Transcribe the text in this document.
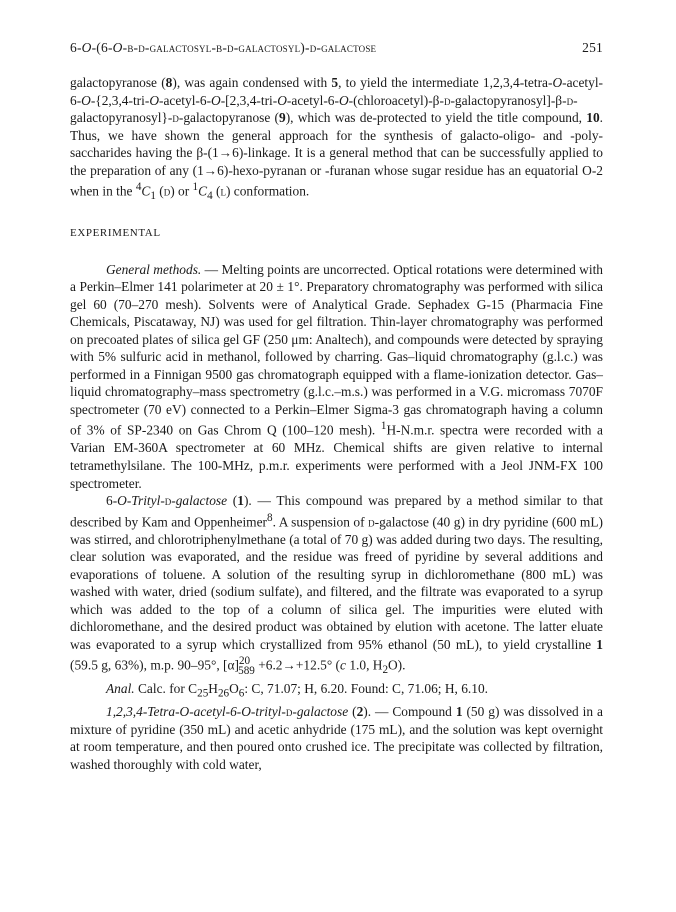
6-O-(6-O-β-d-galactosyl-β-d-galactosyl)-d-galactose	251

galactopyranose (8), was again condensed with 5, to yield the intermediate 1,2,3,4-tetra-O-acetyl-6-O-{2,3,4-tri-O-acetyl-6-O-[2,3,4-tri-O-acetyl-6-O-(chloroacetyl)-β-d-galactopyranosyl]-β-d-galactopyranosyl}-d-galactopyranose (9), which was de-protected to yield the title compound, 10. Thus, we have shown the general approach for the synthesis of galacto-oligo- and -poly-saccharides having the β-(1→6)-linkage. It is a general method that can be successfully applied to the preparation of any (1→6)-hexo-pyranan or -furanan whose sugar residue has an equatorial O-2 when in the $^4C_1$ (d) or $^1C_4$ (l) conformation.

EXPERIMENTAL

General methods. — Melting points are uncorrected. Optical rotations were determined with a Perkin–Elmer 141 polarimeter at 20 ± 1°. Preparatory chromatography was performed with silica gel 60 (70–270 mesh). Solvents were of Analytical Grade. Sephadex G-15 (Pharmacia Fine Chemicals, Piscataway, NJ) was used for gel filtration. Thin-layer chromatography was performed on precoated plates of silica gel GF (250 μm: Analtech), and compounds were detected by spraying with 5% sulfuric acid in methanol, followed by charring. Gas–liquid chromatography (g.l.c.) was performed in a Finnigan 9500 gas chromatograph equipped with a flame-ionization detector. Gas–liquid chromatography–mass spectrometry (g.l.c.–m.s.) was performed in a V.G. micromass 7070F spectrometer (70 eV) connected to a Perkin–Elmer Sigma-3 gas chromatograph having a column of 3% of SP-2340 on Gas Chrom Q (100–120 mesh). $^1$H-N.m.r. spectra were recorded with a Varian EM-360A spectrometer at 60 MHz. Chemical shifts are given relative to internal tetramethylsilane. The 100-MHz, p.m.r. experiments were performed with a Jeol JNM-FX 100 spectrometer.

6-O-Trityl-d-galactose (1). — This compound was prepared by a method similar to that described by Kam and Oppenheimer$^8$. A suspension of d-galactose (40 g) in dry pyridine (600 mL) was stirred, and chlorotriphenylmethane (a total of 70 g) was added during two days. The resulting, clear solution was evaporated, and the residue was freed of pyridine by several additions and evaporations of toluene. A solution of the resulting syrup in dichloromethane (800 mL) was washed with water, dried (sodium sulfate), and filtered, and the filtrate was evaporated to a syrup which was added to the top of a column of silica gel. The impurities were eluted with dichloromethane, and the desired product was obtained by elution with acetone. The latter eluate was evaporated to a syrup which crystallized from 95% ethanol (50 mL), to yield crystalline 1 (59.5 g, 63%), m.p. 90–95°, $[\alpha]^{20}_{589} +6.2\to+12.5^\circ$ (c 1.0, $H_2O$).

Anal. Calc. for $C_{25}H_{26}O_6$: C, 71.07; H, 6.20. Found: C, 71.06; H, 6.10.

1,2,3,4-Tetra-O-acetyl-6-O-trityl-d-galactose (2). — Compound 1 (50 g) was dissolved in a mixture of pyridine (350 mL) and acetic anhydride (175 mL), and the solution was kept overnight at room temperature, and then poured onto crushed ice. The precipitate was collected by filtration, washed thoroughly with cold water,
